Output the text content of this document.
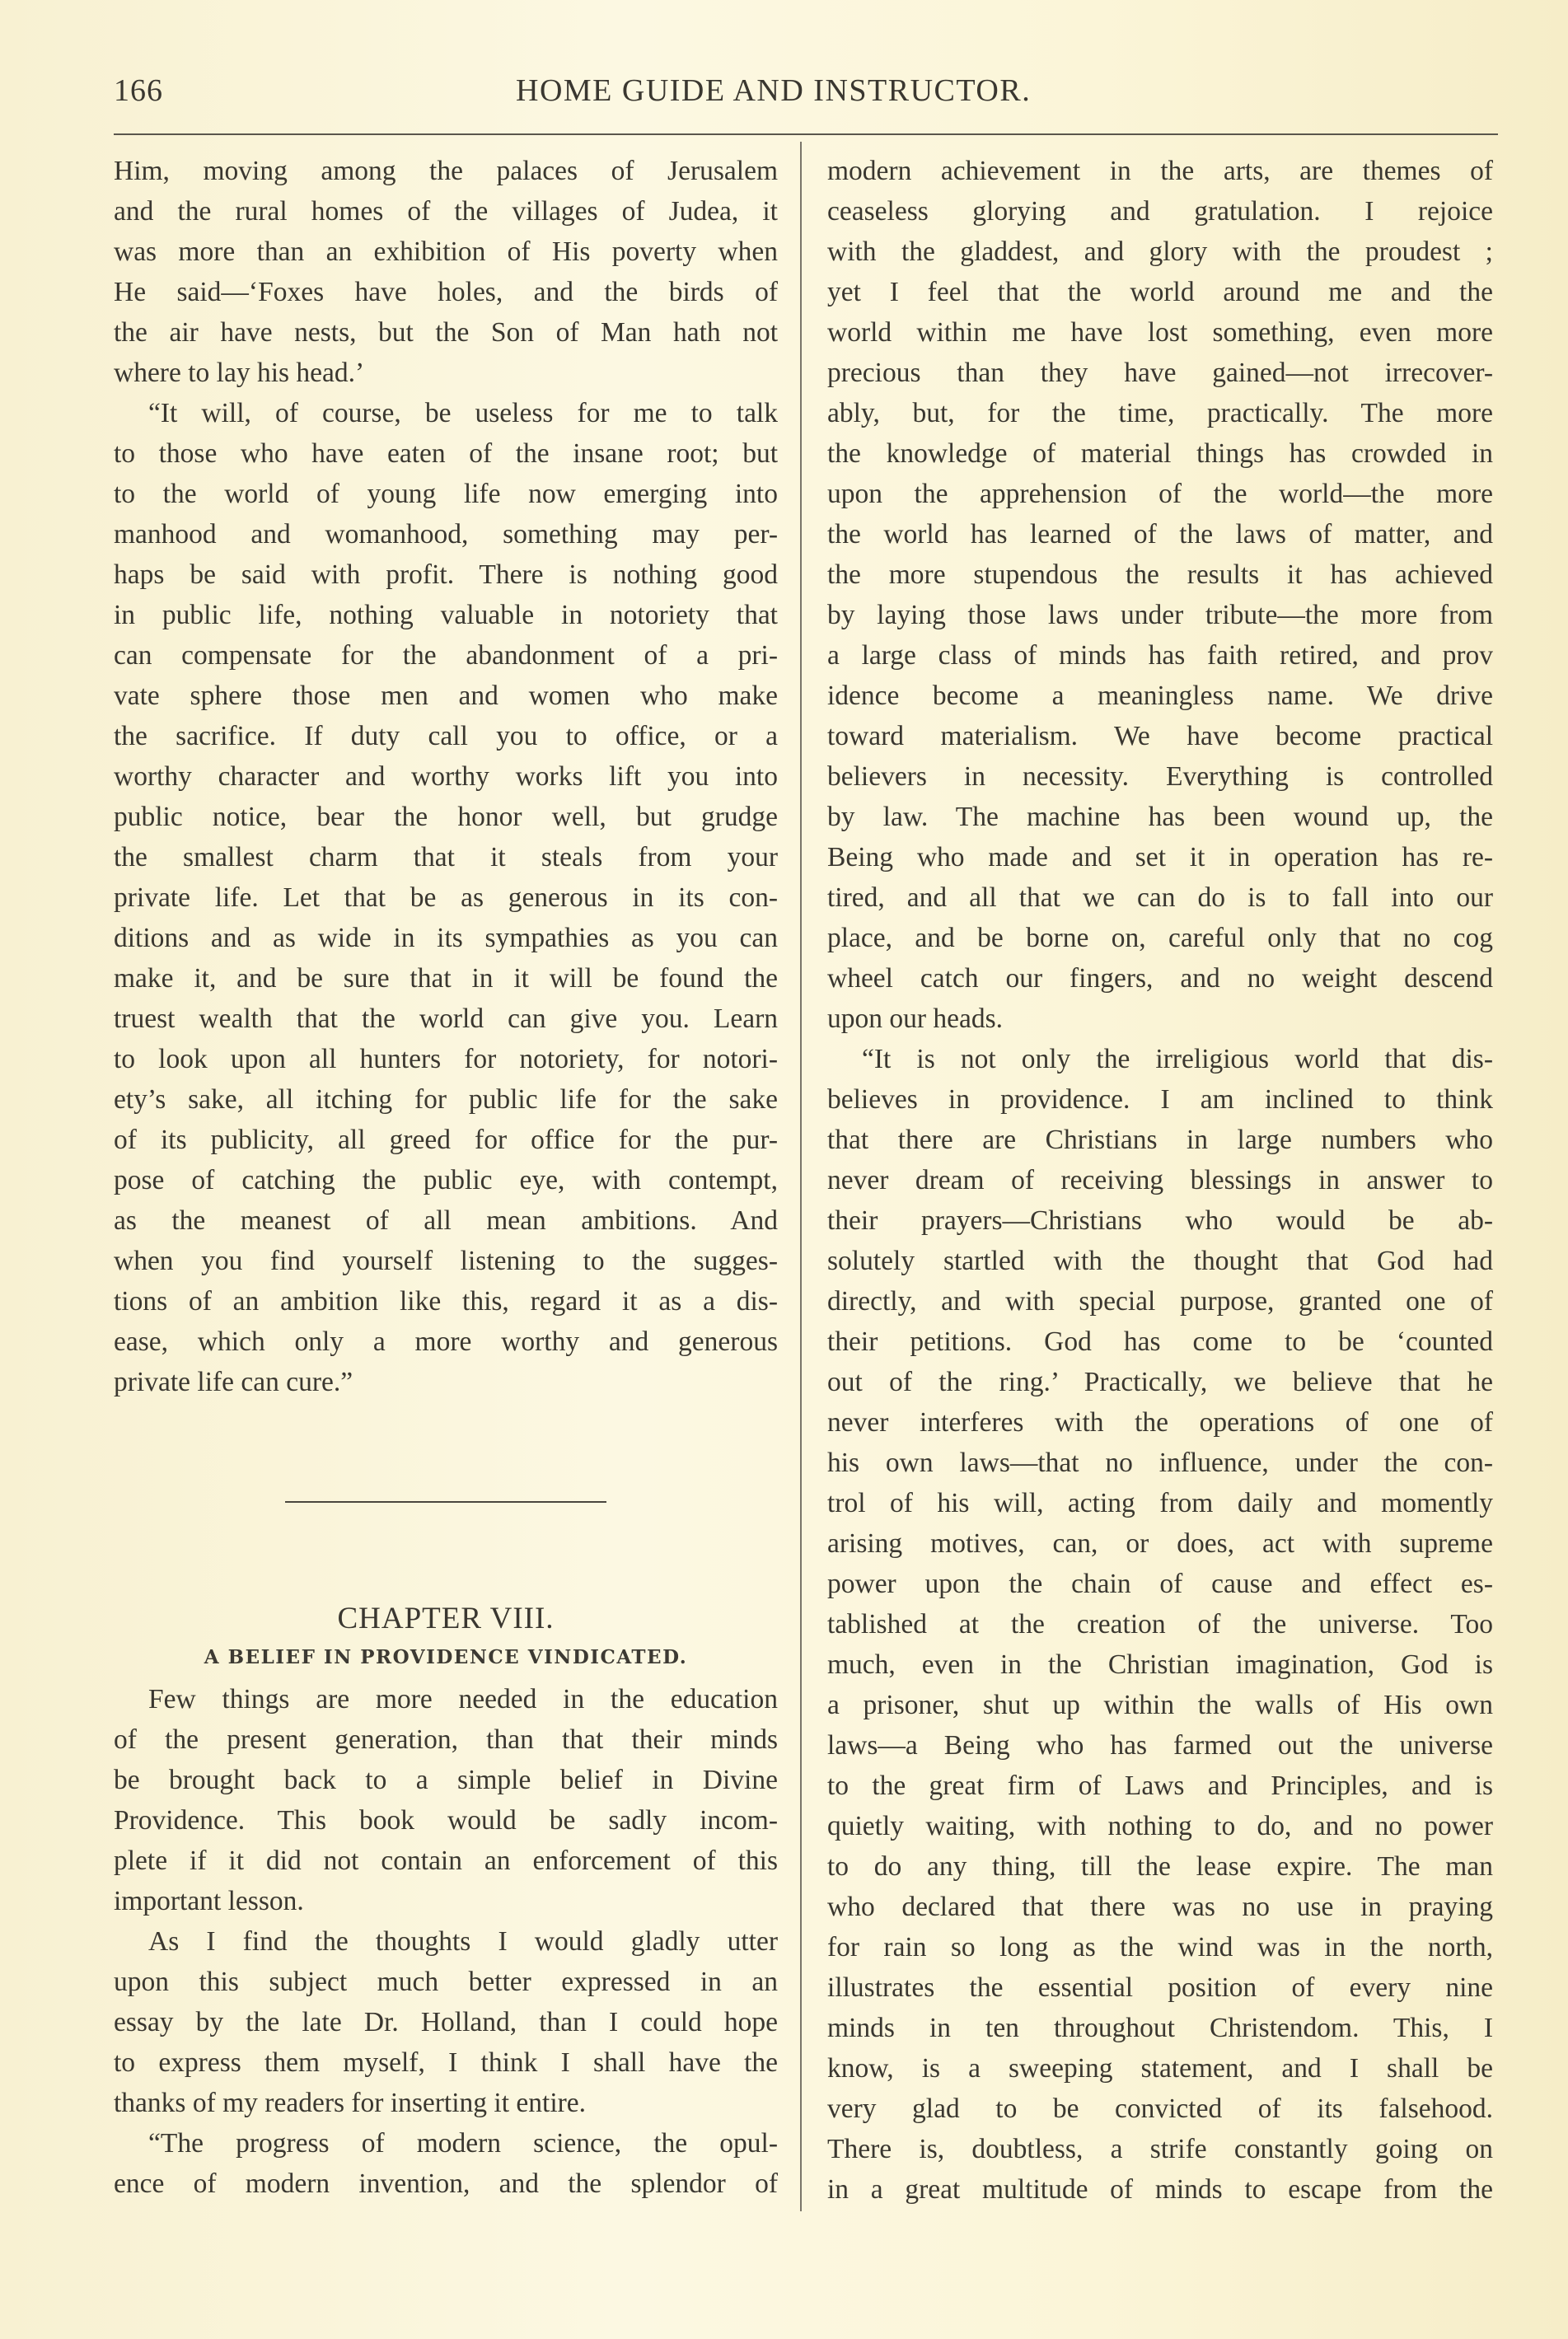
166	HOME GUIDE AND INSTRUCTOR.
Him, moving among the palaces of Jerusalem
and the rural homes of the villages of Judea, it
was more than an exhibition of His poverty when
He said—‘Foxes have holes, and the birds of
the air have nests, but the Son of Man hath not
where to lay his head.’
“It will, of course, be useless for me to talk
to those who have eaten of the insane root; but
to the world of young life now emerging into
manhood and womanhood, something may per-
haps be said with profit. There is nothing good
in public life, nothing valuable in notoriety that
can compensate for the abandonment of a pri-
vate sphere those men and women who make
the sacrifice. If duty call you to office, or a
worthy character and worthy works lift you into
public notice, bear the honor well, but grudge
the smallest charm that it steals from your
private life. Let that be as generous in its con-
ditions and as wide in its sympathies as you can
make it, and be sure that in it will be found the
truest wealth that the world can give you. Learn
to look upon all hunters for notoriety, for notori-
ety’s sake, all itching for public life for the sake
of its publicity, all greed for office for the pur-
pose of catching the public eye, with contempt,
as the meanest of all mean ambitions. And
when you find yourself listening to the sugges-
tions of an ambition like this, regard it as a dis-
ease, which only a more worthy and generous
private life can cure.”
CHAPTER VIII.
A BELIEF IN PROVIDENCE VINDICATED.
Few things are more needed in the education
of the present generation, than that their minds
be brought back to a simple belief in Divine
Providence. This book would be sadly incom-
plete if it did not contain an enforcement of this
important lesson.
As I find the thoughts I would gladly utter
upon this subject much better expressed in an
essay by the late Dr. Holland, than I could hope
to express them myself, I think I shall have the
thanks of my readers for inserting it entire.
“The progress of modern science, the opul-
ence of modern invention, and the splendor of
modern achievement in the arts, are themes of
ceaseless glorying and gratulation. I rejoice
with the gladdest, and glory with the proudest ;
yet I feel that the world around me and the
world within me have lost something, even more
precious than they have gained—not irrecover-
ably, but, for the time, practically. The more
the knowledge of material things has crowded in
upon the apprehension of the world—the more
the world has learned of the laws of matter, and
the more stupendous the results it has achieved
by laying those laws under tribute—the more from
a large class of minds has faith retired, and prov
idence become a meaningless name. We drive
toward materialism. We have become practical
believers in necessity. Everything is controlled
by law. The machine has been wound up, the
Being who made and set it in operation has re-
tired, and all that we can do is to fall into our
place, and be borne on, careful only that no cog
wheel catch our fingers, and no weight descend
upon our heads.
“It is not only the irreligious world that dis-
believes in providence. I am inclined to think
that there are Christians in large numbers who
never dream of receiving blessings in answer to
their prayers—Christians who would be ab-
solutely startled with the thought that God had
directly, and with special purpose, granted one of
their petitions. God has come to be ‘counted
out of the ring.’ Practically, we believe that he
never interferes with the operations of one of
his own laws—that no influence, under the con-
trol of his will, acting from daily and momently
arising motives, can, or does, act with supreme
power upon the chain of cause and effect es-
tablished at the creation of the universe. Too
much, even in the Christian imagination, God is
a prisoner, shut up within the walls of His own
laws—a Being who has farmed out the universe
to the great firm of Laws and Principles, and is
quietly waiting, with nothing to do, and no power
to do any thing, till the lease expire. The man
who declared that there was no use in praying
for rain so long as the wind was in the north,
illustrates the essential position of every nine
minds in ten throughout Christendom. This, I
know, is a sweeping statement, and I shall be
very glad to be convicted of its falsehood.
There is, doubtless, a strife constantly going on
in a great multitude of minds to escape from the
